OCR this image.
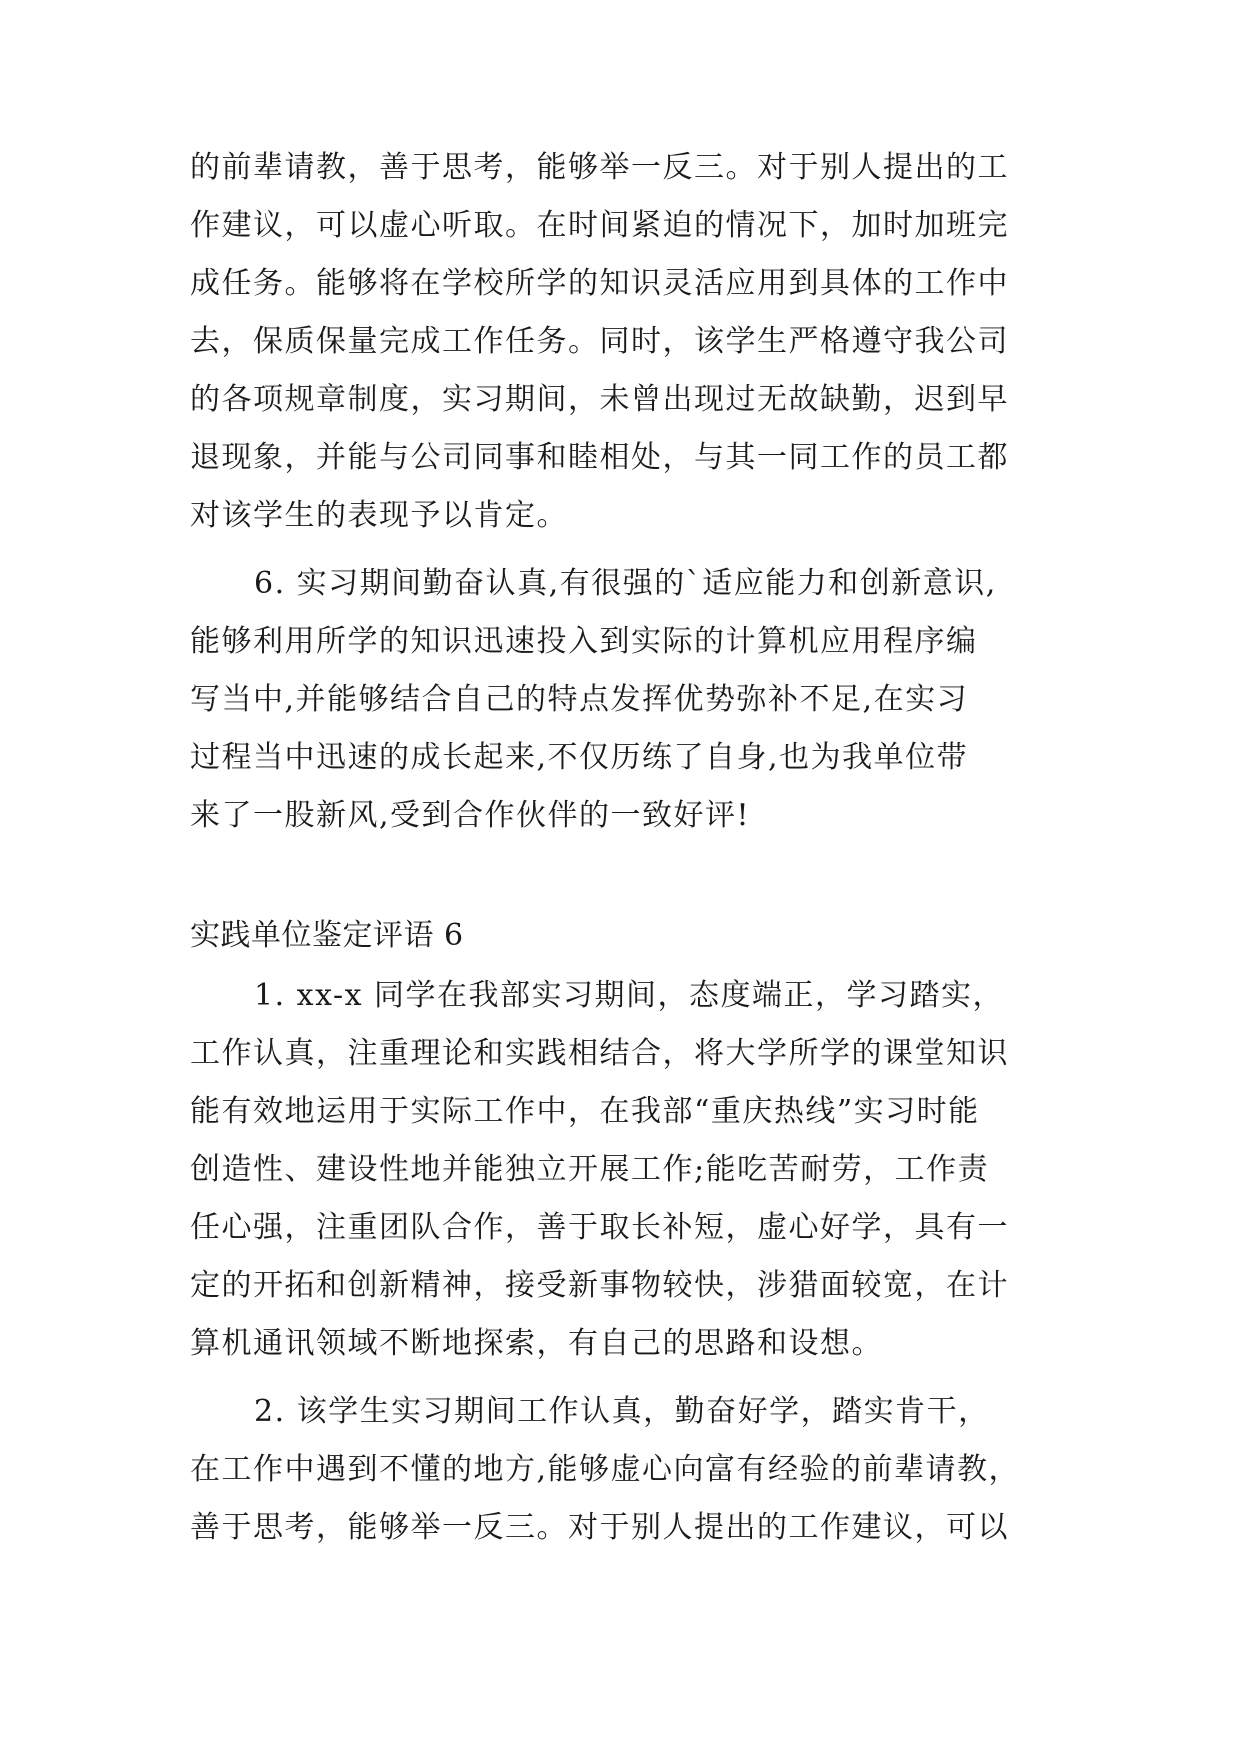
的前辈请教，善于思考，能够举一反三。对于别人提出的工
作建议，可以虚心听取。在时间紧迫的情况下，加时加班完
成任务。能够将在学校所学的知识灵活应用到具体的工作中
去，保质保量完成工作任务。同时，该学生严格遵守我公司
的各项规章制度，实习期间，未曾出现过无故缺勤，迟到早
退现象，并能与公司同事和睦相处，与其一同工作的员工都
对该学生的表现予以肯定。
6. 实习期间勤奋认真,有很强的`适应能力和创新意识,
能够利用所学的知识迅速投入到实际的计算机应用程序编
写当中,并能够结合自己的特点发挥优势弥补不足,在实习
过程当中迅速的成长起来,不仅历练了自身,也为我单位带
来了一股新风,受到合作伙伴的一致好评!
实践单位鉴定评语 6
1. xx-x 同学在我部实习期间，态度端正，学习踏实，
工作认真，注重理论和实践相结合，将大学所学的课堂知识
能有效地运用于实际工作中，在我部“重庆热线”实习时能
创造性、建设性地并能独立开展工作;能吃苦耐劳，工作责
任心强，注重团队合作，善于取长补短，虚心好学，具有一
定的开拓和创新精神，接受新事物较快，涉猎面较宽，在计
算机通讯领域不断地探索，有自己的思路和设想。
2. 该学生实习期间工作认真，勤奋好学，踏实肯干，
在工作中遇到不懂的地方,能够虚心向富有经验的前辈请教，
善于思考，能够举一反三。对于别人提出的工作建议，可以
